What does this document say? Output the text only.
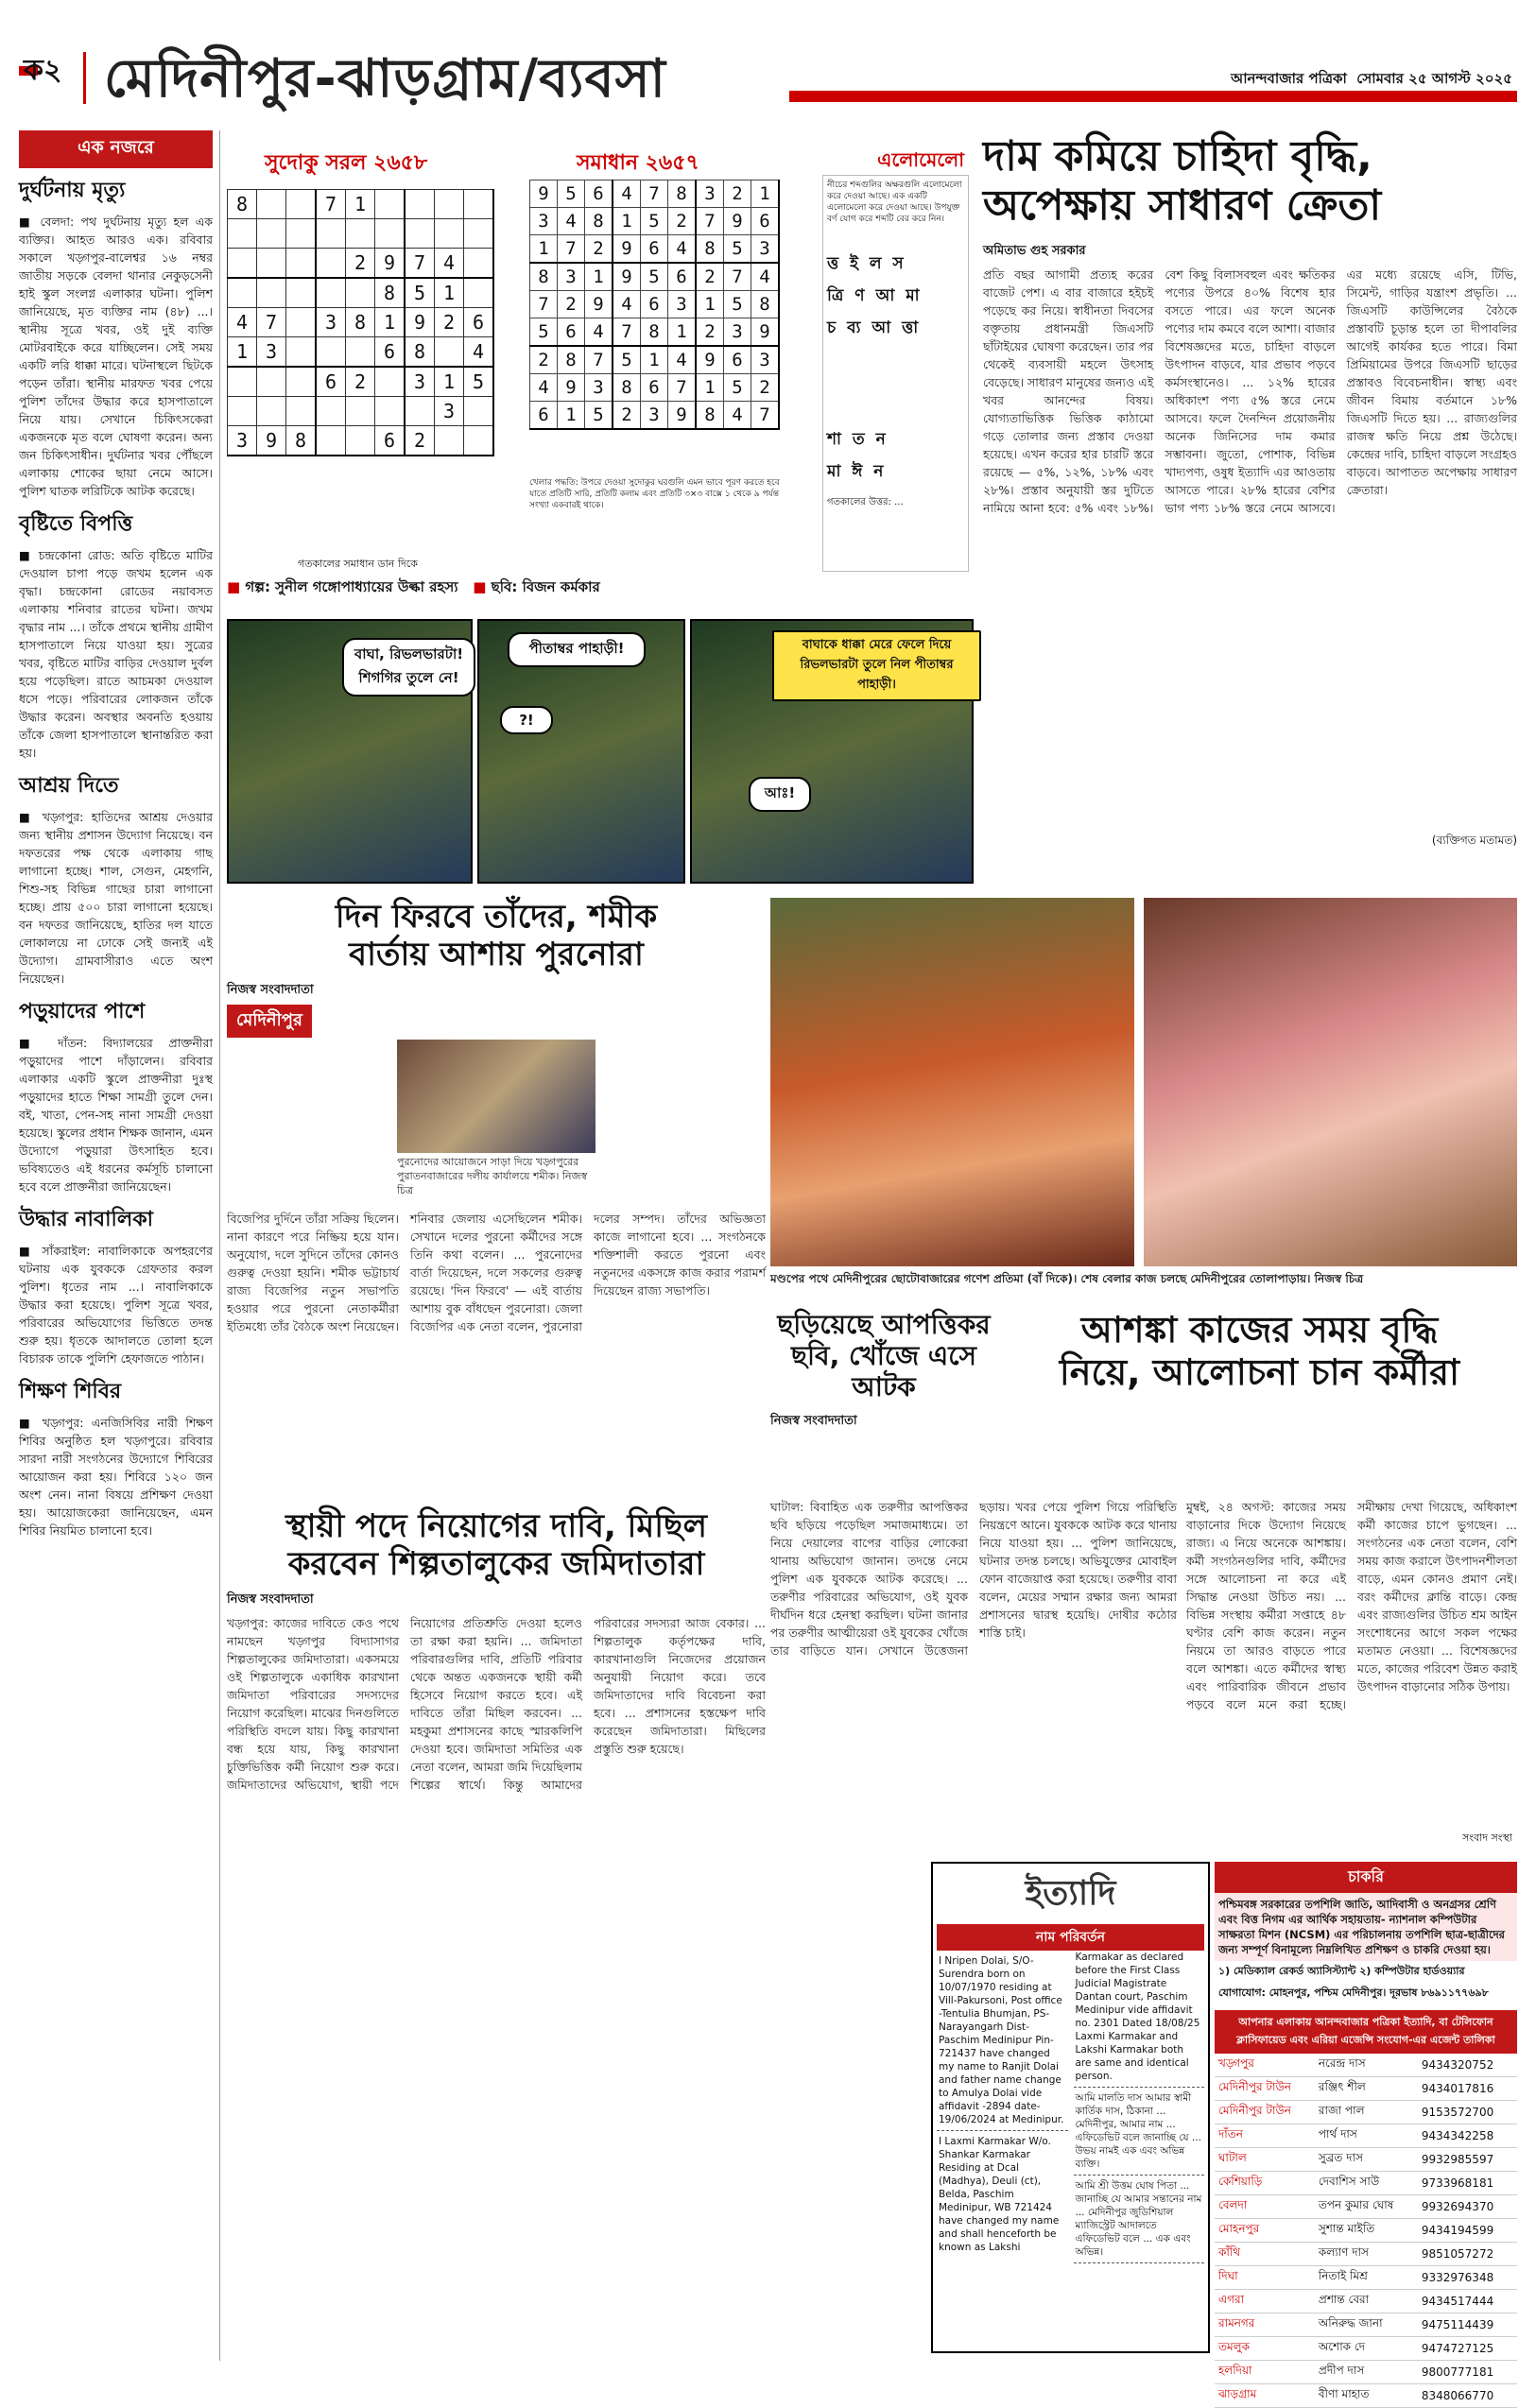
ক২ মেদিনীপুর-ঝাড়গ্রাম/ব্যবসা	আনন্দবাজার পত্রিকা সোমবার ২৫ আগস্ট ২০২৫
এক নজরে
দুর্ঘটনায় মৃত্যু
■ বেলদা: পথ দুর্ঘটনায় মৃত্যু হল এক ব্যক্তির। আহত আরও এক। রবিবার সকালে খড়্গপুর-বালেশ্বর ১৬ নম্বর জাতীয় সড়কে বেলদা থানার নেকুড়সেনী হাই স্কুল সংলগ্ন এলাকার ঘটনা। পুলিশ জানিয়েছে, মৃত ব্যক্তির নাম (৪৮) ...। স্থানীয় সূত্রে খবর, ওই দুই ব্যক্তি মোটরবাইকে করে যাচ্ছিলেন। সেই সময় একটি লরি ধাক্কা মারে। ঘটনাস্থলে ছিটকে পড়েন তাঁরা। স্থানীয় মারফত খবর পেয়ে পুলিশ তাঁদের উদ্ধার করে হাসপাতালে নিয়ে যায়। সেখানে চিকিৎসকেরা একজনকে মৃত বলে ঘোষণা করেন। অন্য জন চিকিৎসাধীন। দুর্ঘটনার খবর পৌঁছলে এলাকায় শোকের ছায়া নেমে আসে। পুলিশ ঘাতক লরিটিকে আটক করেছে।
বৃষ্টিতে বিপত্তি
■ চন্দ্রকোনা রোড: অতি বৃষ্টিতে মাটির দেওয়াল চাপা পড়ে জখম হলেন এক বৃদ্ধা। চন্দ্রকোনা রোডের নয়াবসত এলাকায় শনিবার রাতের ঘটনা। জখম বৃদ্ধার নাম ...। তাঁকে প্রথমে স্থানীয় গ্রামীণ হাসপাতালে নিয়ে যাওয়া হয়। সুত্রের খবর, বৃষ্টিতে মাটির বাড়ির দেওয়াল দুর্বল হয়ে পড়েছিল। রাতে আচমকা দেওয়াল ধসে পড়ে। পরিবারের লোকজন তাঁকে উদ্ধার করেন। অবস্থার অবনতি হওয়ায় তাঁকে জেলা হাসপাতালে স্থানান্তরিত করা হয়।
আশ্রয় দিতে
■ খড়্গপুর: হাতিদের আশ্রয় দেওয়ার জন্য স্থানীয় প্রশাসন উদ্যোগ নিয়েছে। বন দফতরের পক্ষ থেকে এলাকায় গাছ লাগানো হচ্ছে। শাল, সেগুন, মেহগনি, শিশু-সহ বিভিন্ন গাছের চারা লাগানো হচ্ছে। প্রায় ৫০০ চারা লাগানো হয়েছে। বন দফতর জানিয়েছে, হাতির দল যাতে লোকালয়ে না ঢোকে সেই জন্যই এই উদ্যোগ। গ্রামবাসীরাও এতে অংশ নিয়েছেন।
পড়ুয়াদের পাশে
■ দাঁতন: বিদ্যালয়ের প্রাক্তনীরা পড়ুয়াদের পাশে দাঁড়ালেন। রবিবার এলাকার একটি স্কুলে প্রাক্তনীরা দুঃস্থ পড়ুয়াদের হাতে শিক্ষা সামগ্রী তুলে দেন। বই, খাতা, পেন-সহ নানা সামগ্রী দেওয়া হয়েছে। স্কুলের প্রধান শিক্ষক জানান, এমন উদ্যোগে পড়ুয়ারা উৎসাহিত হবে। ভবিষ্যতেও এই ধরনের কর্মসূচি চালানো হবে বলে প্রাক্তনীরা জানিয়েছেন।
উদ্ধার নাবালিকা
■ সাঁকরাইল: নাবালিকাকে অপহরণের ঘটনায় এক যুবককে গ্রেফতার করল পুলিশ। ধৃতের নাম ...। নাবালিকাকে উদ্ধার করা হয়েছে। পুলিশ সূত্রে খবর, পরিবারের অভিযোগের ভিত্তিতে তদন্ত শুরু হয়। ধৃতকে আদালতে তোলা হলে বিচারক তাকে পুলিশি হেফাজতে পাঠান।
শিক্ষণ শিবির
■ খড়্গপুর: এনজিসিবির নারী শিক্ষণ শিবির অনুষ্ঠিত হল খড়্গপুরে। রবিবার সারদা নারী সংগঠনের উদ্যোগে শিবিরের আয়োজন করা হয়। শিবিরে ১২০ জন অংশ নেন। নানা বিষয়ে প্রশিক্ষণ দেওয়া হয়। আয়োজকেরা জানিয়েছেন, এমন শিবির নিয়মিত চালানো হবে।
সুদোকু সরল ২৬৫৮
8			7	1				

				2	9	7	4	
					8	5	1	
4	7		3	8	1	9	2	6
1	3				6	8		4
			6	2		3	1	5
							3	
3	9	8			6	2		
সমাধান ২৬৫৭
9	5	6	4	7	8	3	2	1
3	4	8	1	5	2	7	9	6
1	7	2	9	6	4	8	5	3
8	3	1	9	5	6	2	7	4
7	2	9	4	6	3	1	5	8
5	6	4	7	8	1	2	3	9
2	8	7	5	1	4	9	6	3
4	9	3	8	6	7	1	5	2
6	1	5	2	3	9	8	4	7
খেলার পদ্ধতি: উপরে দেওয়া সুদোকুর ঘরগুলি এমন ভাবে পূরণ করতে হবে যাতে প্রতিটি সারি, প্রতিটি কলাম এবং প্রতিটি ৩×৩ বাক্সে ১ থেকে ৯ পর্যন্ত সংখ্যা একবারই থাকে।
গতকালের সমাধান ডান দিকে
এলোমেলো
নীচের শব্দগুলির অক্ষরগুলি এলোমেলো করে দেওয়া আছে। এক একটি এলোমেলো করে দেওয়া আছে। উপযুক্ত বর্ণ যোগ করে শব্দটি বের করে নিন।
ত্ত ই ল স
ত্রি ণ আ মা
চ ব্য আ ত্তা
শা ত ন
মা ঈ ন
গতকালের উত্তর: ...
■ গল্প: সুনীল গঙ্গোপাধ্যায়ের উল্কা রহস্য ■ ছবি: বিজন কর্মকার
বাঘা, রিভলভারটা! শিগগির তুলে নে!
পীতাম্বর পাহাড়ী!
?!
বাঘাকে ধাক্কা মেরে ফেলে দিয়ে রিভলভারটা তুলে নিল পীতাম্বর পাহাড়ী।
আঃ!
দাম কমিয়ে চাহিদা বৃদ্ধি,
অপেক্ষায় সাধারণ ক্রেতা
অমিতাভ গুহ সরকার
প্রতি বছর আগামী প্রত্যহ করের বাজেট পেশ। এ বার বাজারে হইচই পড়েছে কর নিয়ে। স্বাধীনতা দিবসের বক্তৃতায় প্রধানমন্ত্রী জিএসটি ছাঁটাইয়ের ঘোষণা করেছেন। তার পর থেকেই ব্যবসায়ী মহলে উৎসাহ বেড়েছে। সাধারণ মানুষের জন্যও এই খবর আনন্দের বিষয়। যোগ্যতাভিত্তিক ভিত্তিক কাঠামো গড়ে তোলার জন্য প্রস্তাব দেওয়া হয়েছে। এখন করের হার চারটি স্তরে রয়েছে — ৫%, ১২%, ১৮% এবং ২৮%। প্রস্তাব অনুযায়ী স্তর দুটিতে নামিয়ে আনা হবে: ৫% এবং ১৮%। বেশ কিছু বিলাসবহুল এবং ক্ষতিকর পণ্যের উপরে ৪০% বিশেষ হার বসতে পারে। এর ফলে অনেক পণ্যের দাম কমবে বলে আশা। বাজার বিশেষজ্ঞদের মতে, চাহিদা বাড়লে উৎপাদন বাড়বে, যার প্রভাব পড়বে কর্মসংস্থানেও। ... ১২% হারের অধিকাংশ পণ্য ৫% স্তরে নেমে আসবে। ফলে দৈনন্দিন প্রয়োজনীয় অনেক জিনিসের দাম কমার সম্ভাবনা। জুতো, পোশাক, বিভিন্ন খাদ্যপণ্য, ওষুধ ইত্যাদি এর আওতায় আসতে পারে। ২৮% হারের বেশির ভাগ পণ্য ১৮% স্তরে নেমে আসবে। এর মধ্যে রয়েছে এসি, টিভি, সিমেন্ট, গাড়ির যন্ত্রাংশ প্রভৃতি। ... জিএসটি কাউন্সিলের বৈঠকে প্রস্তাবটি চূড়ান্ত হলে তা দীপাবলির আগেই কার্যকর হতে পারে। বিমা প্রিমিয়ামের উপরে জিএসটি ছাড়ের প্রস্তাবও বিবেচনাধীন। স্বাস্থ্য এবং জীবন বিমায় বর্তমানে ১৮% জিএসটি দিতে হয়। ... রাজ্যগুলির রাজস্ব ক্ষতি নিয়ে প্রশ্ন উঠেছে। কেন্দ্রের দাবি, চাহিদা বাড়লে সংগ্রহও বাড়বে। আপাতত অপেক্ষায় সাধারণ ক্রেতারা।
(ব্যক্তিগত মতামত)
দিন ফিরবে তাঁদের, শমীক
বার্তায় আশায় পুরনোরা
নিজস্ব সংবাদদাতা
মেদিনীপুর
পুরনোদের আয়োজনে সাড়া দিয়ে খড়্গপুরের পুরাতনবাজারের দলীয় কার্যালয়ে শমীক। নিজস্ব চিত্র
বিজেপির দুর্দিনে তাঁরা সক্রিয় ছিলেন। নানা কারণে পরে নিষ্ক্রিয় হয়ে যান। অনুযোগ, দলে সুদিনে তাঁদের কোনও গুরুত্ব দেওয়া হয়নি। শমীক ভট্টাচার্য রাজ্য বিজেপির নতুন সভাপতি হওয়ার পরে পুরনো নেতাকর্মীরা ইতিমধ্যে তাঁর বৈঠকে অংশ নিয়েছেন। শনিবার জেলায় এসেছিলেন শমীক। সেখানে দলের পুরনো কর্মীদের সঙ্গে তিনি কথা বলেন। ... পুরনোদের বার্তা দিয়েছেন, দলে সকলের গুরুত্ব রয়েছে। 'দিন ফিরবে' — এই বার্তায় আশায় বুক বাঁধছেন পুরনোরা। জেলা বিজেপির এক নেতা বলেন, পুরনোরা দলের সম্পদ। তাঁদের অভিজ্ঞতা কাজে লাগানো হবে। ... সংগঠনকে শক্তিশালী করতে পুরনো এবং নতুনদের একসঙ্গে কাজ করার পরামর্শ দিয়েছেন রাজ্য সভাপতি।
মণ্ডপের পথে মেদিনীপুরের ছোটোবাজারের গণেশ প্রতিমা (বাঁ দিকে)। শেষ বেলার কাজ চলছে মেদিনীপুরের তোলাপাড়ায়। নিজস্ব চিত্র
ছড়িয়েছে আপত্তিকর ছবি, খোঁজে এসে আটক
নিজস্ব সংবাদদাতা
ঘাটাল: বিবাহিত এক তরুণীর আপত্তিকর ছবি ছড়িয়ে পড়েছিল সমাজমাধ্যমে। তা নিয়ে দেয়ালের বাপের বাড়ির লোকেরা থানায় অভিযোগ জানান। তদন্তে নেমে পুলিশ এক যুবককে আটক করেছে। ... তরুণীর পরিবারের অভিযোগ, ওই যুবক দীর্ঘদিন ধরে হেনস্থা করছিল। ঘটনা জানার পর তরুণীর আত্মীয়েরা ওই যুবকের খোঁজে তার বাড়িতে যান। সেখানে উত্তেজনা ছড়ায়। খবর পেয়ে পুলিশ গিয়ে পরিস্থিতি নিয়ন্ত্রণে আনে। যুবককে আটক করে থানায় নিয়ে যাওয়া হয়। ... পুলিশ জানিয়েছে, ঘটনার তদন্ত চলছে। অভিযুক্তের মোবাইল ফোন বাজেয়াপ্ত করা হয়েছে। তরুণীর বাবা বলেন, মেয়ের সম্মান রক্ষার জন্য আমরা প্রশাসনের দ্বারস্থ হয়েছি। দোষীর কঠোর শাস্তি চাই।
আশঙ্কা কাজের সময় বৃদ্ধি
নিয়ে, আলোচনা চান কর্মীরা
মুম্বই, ২৪ অগস্ট: কাজের সময় বাড়ানোর দিকে উদ্যোগ নিয়েছে রাজ্য। এ নিয়ে অনেকে আশঙ্কায়। কর্মী সংগঠনগুলির দাবি, কর্মীদের সঙ্গে আলোচনা না করে এই সিদ্ধান্ত নেওয়া উচিত নয়। ... বিভিন্ন সংস্থায় কর্মীরা সপ্তাহে ৪৮ ঘণ্টার বেশি কাজ করেন। নতুন নিয়মে তা আরও বাড়তে পারে বলে আশঙ্কা। এতে কর্মীদের স্বাস্থ্য এবং পারিবারিক জীবনে প্রভাব পড়বে বলে মনে করা হচ্ছে। সমীক্ষায় দেখা গিয়েছে, অধিকাংশ কর্মী কাজের চাপে ভুগছেন। ... সংগঠনের এক নেতা বলেন, বেশি সময় কাজ করালে উৎপাদনশীলতা বাড়ে, এমন কোনও প্রমাণ নেই। বরং কর্মীদের ক্লান্তি বাড়ে। কেন্দ্র এবং রাজ্যগুলির উচিত শ্রম আইন সংশোধনের আগে সকল পক্ষের মতামত নেওয়া। ... বিশেষজ্ঞদের মতে, কাজের পরিবেশ উন্নত করাই উৎপাদন বাড়ানোর সঠিক উপায়।
সংবাদ সংস্থা
স্থায়ী পদে নিয়োগের দাবি, মিছিল
করবেন শিল্পতালুকের জমিদাতারা
নিজস্ব সংবাদদাতা
খড়্গপুর: কাজের দাবিতে কেও পথে নামছেন খড়্গপুর বিদ্যাসাগর শিল্পতালুকের জমিদাতারা। একসময়ে ওই শিল্পতালুকে একাধিক কারখানা জমিদাতা পরিবারের সদস্যদের নিয়োগ করেছিল। মাঝের দিনগুলিতে পরিস্থিতি বদলে যায়। কিছু কারখানা বন্ধ হয়ে যায়, কিছু কারখানা চুক্তিভিত্তিক কর্মী নিয়োগ শুরু করে। জমিদাতাদের অভিযোগ, স্থায়ী পদে নিয়োগের প্রতিশ্রুতি দেওয়া হলেও তা রক্ষা করা হয়নি। ... জমিদাতা পরিবারগুলির দাবি, প্রতিটি পরিবার থেকে অন্তত একজনকে স্থায়ী কর্মী হিসেবে নিয়োগ করতে হবে। এই দাবিতে তাঁরা মিছিল করবেন। ... মহকুমা প্রশাসনের কাছে স্মারকলিপি দেওয়া হবে। জমিদাতা সমিতির এক নেতা বলেন, আমরা জমি দিয়েছিলাম শিল্পের স্বার্থে। কিন্তু আমাদের পরিবারের সদস্যরা আজ বেকার। ... শিল্পতালুক কর্তৃপক্ষের দাবি, কারখানাগুলি নিজেদের প্রয়োজন অনুযায়ী নিয়োগ করে। তবে জমিদাতাদের দাবি বিবেচনা করা হবে। ... প্রশাসনের হস্তক্ষেপ দাবি করেছেন জমিদাতারা। মিছিলের প্রস্তুতি শুরু হয়েছে।
ইত্যাদি
নাম পরিবর্তন
I Nripen Dolai, S/O- Surendra born on 10/07/1970 residing at Vill-Pakursoni, Post office -Tentulia Bhumjan, PS-Narayangarh Dist-Paschim Medinipur Pin-721437 have changed my name to Ranjit Dolai and father name change to Amulya Dolai vide affidavit -2894 date-19/06/2024 at Medinipur.
I Laxmi Karmakar W/o. Shankar Karmakar Residing at Dcal (Madhya), Deuli (ct), Belda, Paschim Medinipur, WB 721424 have changed my name and shall henceforth be known as Lakshi Karmakar as declared before the First Class Judicial Magistrate Dantan court, Paschim Medinipur vide affidavit no. 2301 Dated 18/08/25 Laxmi Karmakar and Lakshi Karmakar both are same and identical person.
আমি মালতি দাস আমার স্বামী কার্তিক দাস, ঠিকানা ... মেদিনীপুর, আমার নাম ... এফিডেভিট বলে জানাচ্ছি যে ... উভয় নামই এক এবং অভিন্ন ব্যক্তি।
আমি শ্রী উত্তম ঘোষ পিতা ... জানাচ্ছি যে আমার সন্তানের নাম ... মেদিনীপুর জুডিশিয়াল ম্যাজিস্ট্রেট আদালতে এফিডেভিট বলে ... এক এবং অভিন্ন।
চাকরি
পশ্চিমবঙ্গ সরকারের তপশিলি জাতি, আদিবাসী ও অনগ্রসর শ্রেণি এবং বিত্ত নিগম এর আর্থিক সহায়তায়- ন্যাশনাল কম্পিউটার সাক্ষরতা মিশন (NCSM) এর পরিচালনায় তপশিলি ছাত্র-ছাত্রীদের জন্য সম্পূর্ণ বিনামূল্যে নিম্নলিখিত প্রশিক্ষণ ও চাকরি দেওয়া হয়।
১) মেডিক্যাল রেকর্ড অ্যাসিস্ট্যান্ট ২) কম্পিউটার হার্ডওয়্যার
যোগাযোগ: মোহনপুর, পশ্চিম মেদিনীপুর। দূরভাষ ৮৬৯১১৭৭৬৯৮
আপনার এলাকায় আনন্দবাজার পত্রিকা ইত্যাদি, বা টেলিফোন ক্লাসিফায়েড এবং এরিয়া এজেন্সি সংযোগ-এর এজেন্ট তালিকা
খড়্গপুর	নরেন্দ্র দাস	9434320752
মেদিনীপুর টাউন	রঞ্জিৎ শীল	9434017816
মেদিনীপুর টাউন	রাজা পাল	9153572700
দাঁতন	পার্থ দাস	9434342258
ঘাটাল	সুব্রত দাস	9932985597
কেশিয়াড়ি	দেবাশিস সাউ	9733968181
বেলদা	তপন কুমার ঘোষ	9932694370
মোহনপুর	সুশান্ত মাইতি	9434194599
কাঁথি	কল্যাণ দাস	9851057272
দিঘা	নিতাই মিশ্র	9332976348
এগরা	প্রশান্ত বেরা	9434517444
রামনগর	অনিরুদ্ধ জানা	9475114439
তমলুক	অশোক দে	9474727125
হলদিয়া	প্রদীপ দাস	9800777181
ঝাড়গ্রাম	বীণা মাহাত	8348066770
